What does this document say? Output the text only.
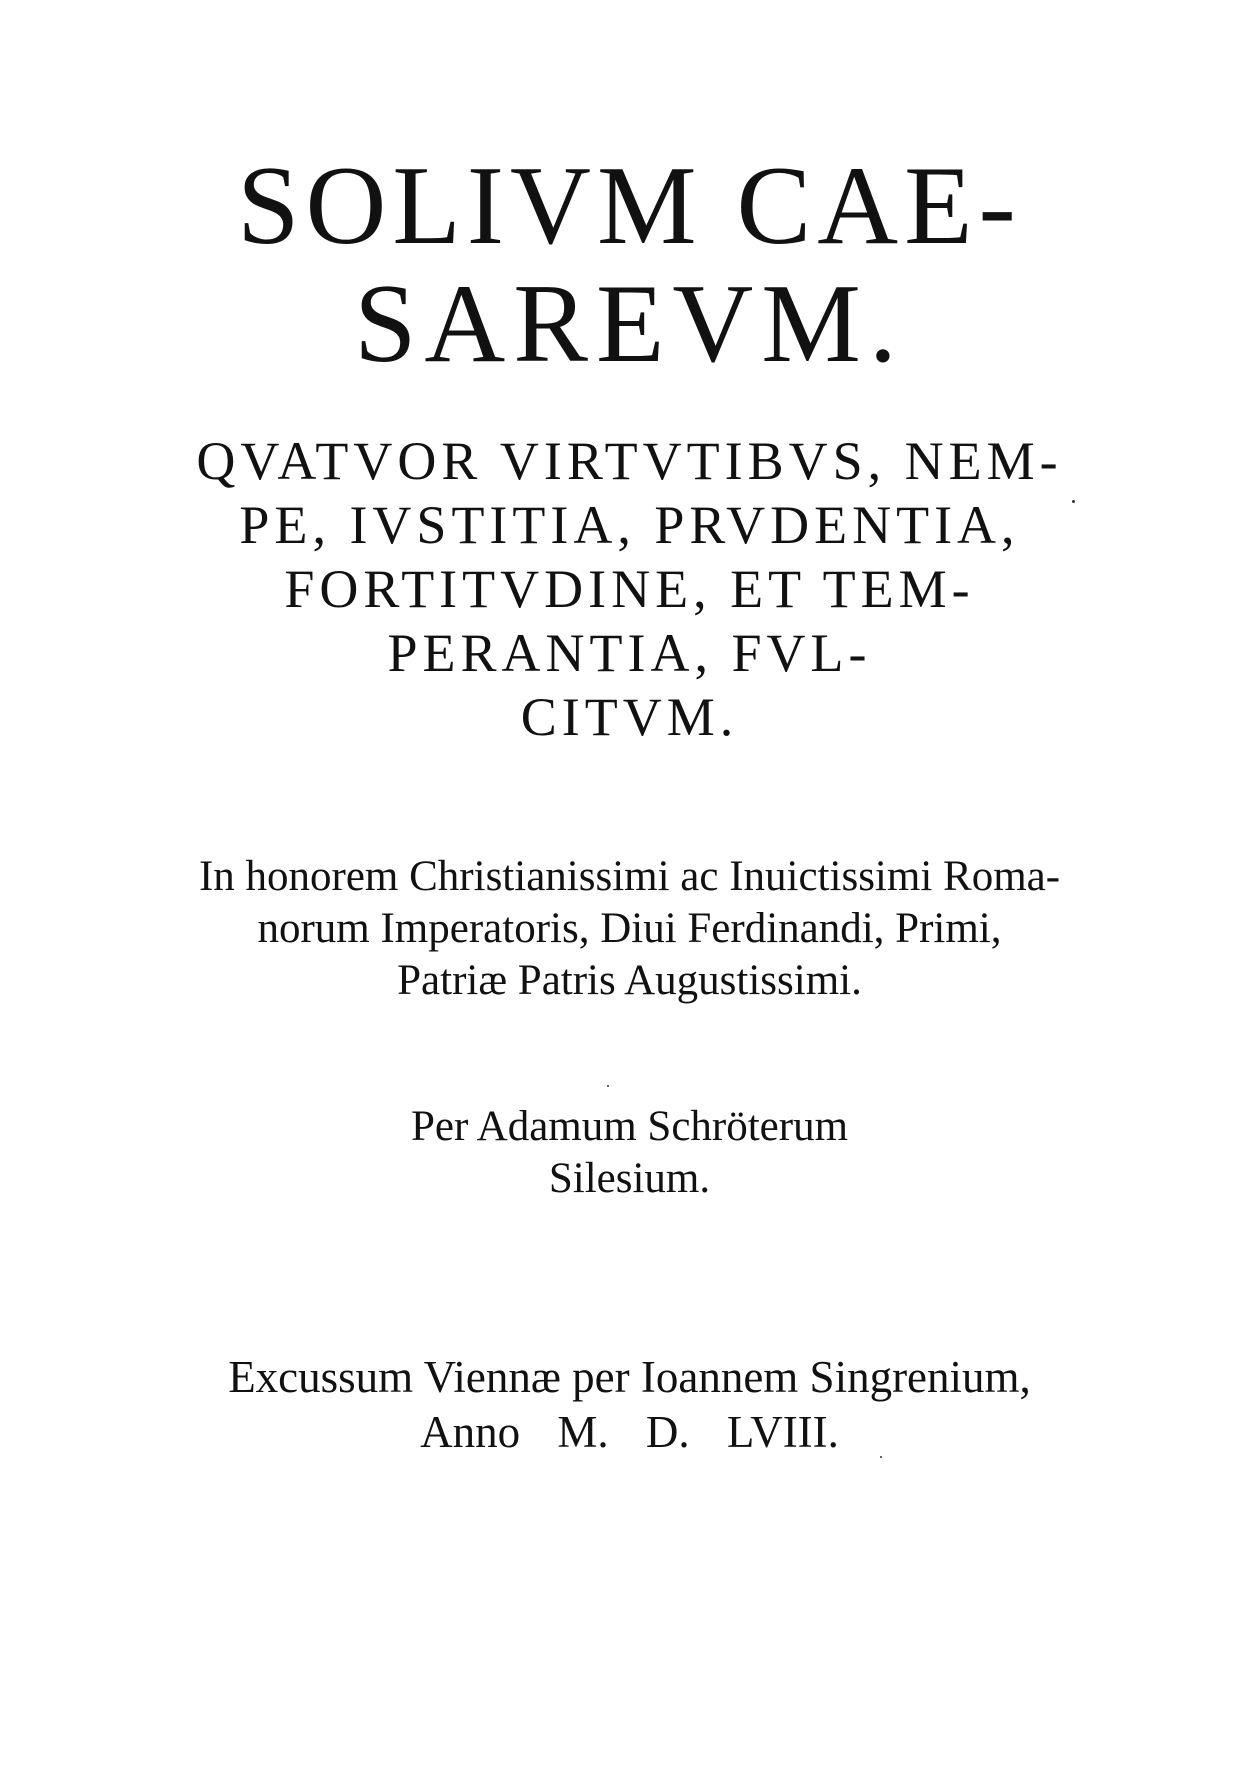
SOLIVM CAE-
SAREVM.
QVATVOR VIRTVTIBVS, NEM-
PE, IVSTITIA, PRVDENTIA,
FORTITVDINE, ET TEM-
PERANTIA, FVL-
CITVM.
In honorem Christianissimi ac Inuictissimi Roma-
norum Imperatoris, Diui Ferdinandi, Primi,
Patriæ Patris Augustissimi.
Per Adamum Schröterum
Silesium.
Excussum Viennæ per Ioannem Singrenium,
Anno M. D. LVIII.
